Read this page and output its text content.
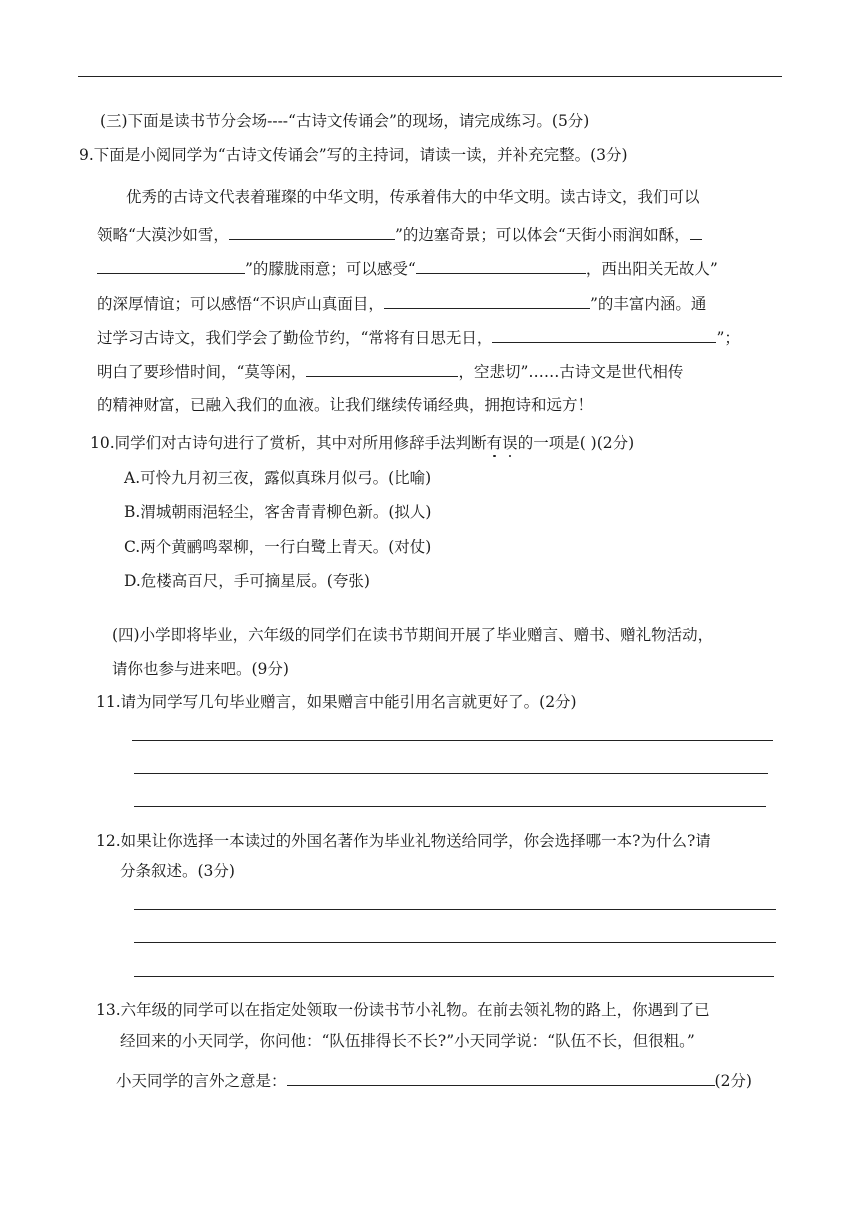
(三)下面是读书节分会场----“古诗文传诵会”的现场，请完成练习。(5分)
9.下面是小阅同学为“古诗文传诵会”写的主持词，请读一读，并补充完整。(3分)
优秀的古诗文代表着璀璨的中华文明，传承着伟大的中华文明。读古诗文，我们可以
领略“大漠沙如雪，	”的边塞奇景；可以体会“天街小雨润如酥，
”的朦胧雨意；可以感受“	，西出阳关无故人”
的深厚情谊；可以感悟“不识庐山真面目，	”的丰富内涵。通
过学习古诗文，我们学会了勤俭节约，“常将有日思无日，	”；
明白了要珍惜时间，“莫等闲，	，空悲切”……古诗文是世代相传
的精神财富，已融入我们的血液。让我们继续传诵经典，拥抱诗和远方！
10.同学们对古诗句进行了赏析，其中对所用修辞手法判断有误的一项是( )(2分)
A.可怜九月初三夜，露似真珠月似弓。(比喻)
B.渭城朝雨浥轻尘，客舍青青柳色新。(拟人)
C.两个黄鹂鸣翠柳，一行白鹭上青天。(对仗)
D.危楼高百尺，手可摘星辰。(夸张)
(四)小学即将毕业，六年级的同学们在读书节期间开展了毕业赠言、赠书、赠礼物活动，
请你也参与进来吧。(9分)
11.请为同学写几句毕业赠言，如果赠言中能引用名言就更好了。(2分)
12.如果让你选择一本读过的外国名著作为毕业礼物送给同学，你会选择哪一本?为什么?请
分条叙述。(3分)
13.六年级的同学可以在指定处领取一份读书节小礼物。在前去领礼物的路上，你遇到了已
经回来的小天同学，你问他：“队伍排得长不长?”小天同学说：“队伍不长，但很粗。”
小天同学的言外之意是：	(2分)
